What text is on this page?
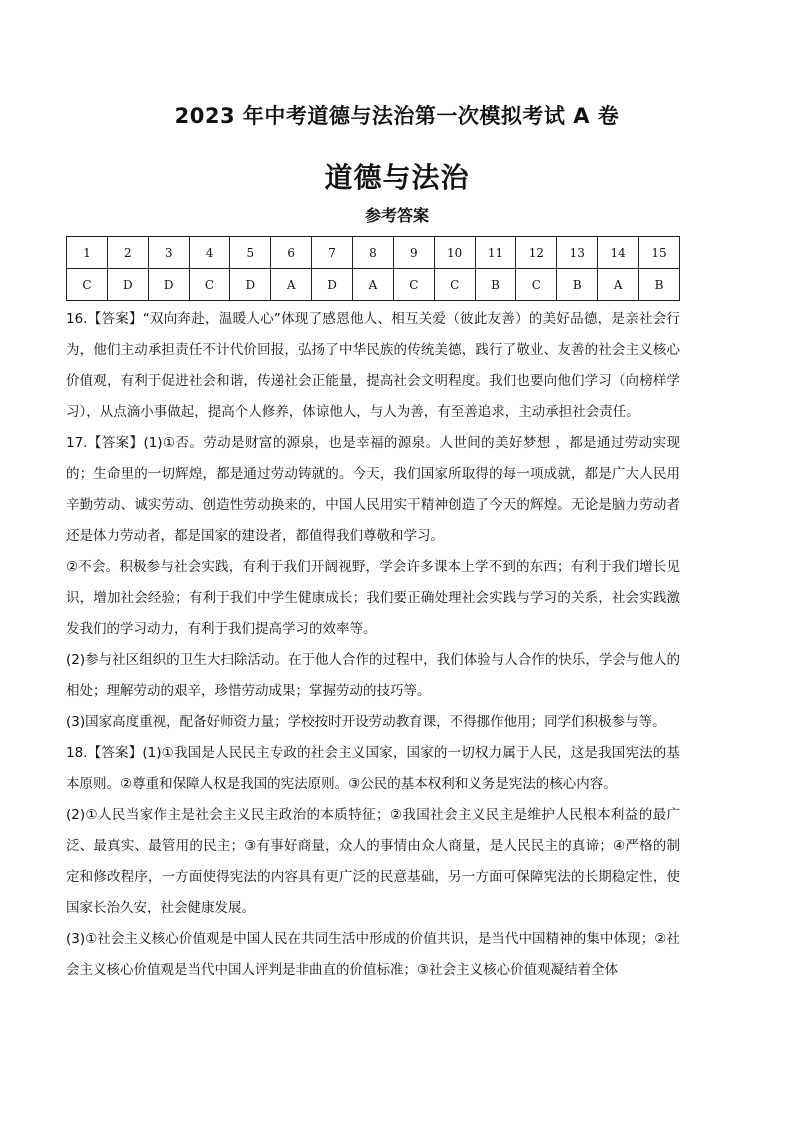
2023 年中考道德与法治第一次模拟考试 A 卷
道德与法治
参考答案
1	2	3	4	5	6	7	8	9	10	11	12	13	14	15
C	D	D	C	D	A	D	A	C	C	B	C	B	A	B

16.【答案】“双向奔赴，温暖人心”体现了感恩他人、相互关爱（彼此友善）的美好品德，是亲社会行为，他们主动承担责任不计代价回报，弘扬了中华民族的传统美德，践行了敬业、友善的社会主义核心价值观，有利于促进社会和谐，传递社会正能量，提高社会文明程度。我们也要向他们学习（向榜样学习），从点滴小事做起，提高个人修养，体谅他人，与人为善，有至善追求，主动承担社会责任。

17.【答案】(1)①否。劳动是财富的源泉，也是幸福的源泉。人世间的美好梦想 ，都是通过劳动实现的；生命里的一切辉煌，都是通过劳动铸就的。今天，我们国家所取得的每一项成就，都是广大人民用辛勤劳动、诚实劳动、创造性劳动换来的，中国人民用实干精神创造了今天的辉煌。无论是脑力劳动者还是体力劳动者，都是国家的建设者，都值得我们尊敬和学习。

②不会。积极参与社会实践，有利于我们开阔视野，学会许多课本上学不到的东西；有利于我们增长见识，增加社会经验；有利于我们中学生健康成长；我们要正确处理社会实践与学习的关系，社会实践激发我们的学习动力，有利于我们提高学习的效率等。

(2)参与社区组织的卫生大扫除活动。在于他人合作的过程中，我们体验与人合作的快乐，学会与他人的相处；理解劳动的艰辛，珍惜劳动成果；掌握劳动的技巧等。

(3)国家高度重视，配备好师资力量；学校按时开设劳动教育课，不得挪作他用；同学们积极参与等。

18.【答案】(1)①我国是人民民主专政的社会主义国家，国家的一切权力属于人民，这是我国宪法的基本原则。②尊重和保障人权是我国的宪法原则。③公民的基本权利和义务是宪法的核心内容。

(2)①人民当家作主是社会主义民主政治的本质特征；②我国社会主义民主是维护人民根本利益的最广泛、最真实、最管用的民主；③有事好商量，众人的事情由众人商量，是人民民主的真谛；④严格的制定和修改程序，一方面使得宪法的内容具有更广泛的民意基础，另一方面可保障宪法的长期稳定性，使国家长治久安，社会健康发展。

(3)①社会主义核心价值观是中国人民在共同生活中形成的价值共识，是当代中国精神的集中体现；②社会主义核心价值观是当代中国人评判是非曲直的价值标准；③社会主义核心价值观凝结着全体
